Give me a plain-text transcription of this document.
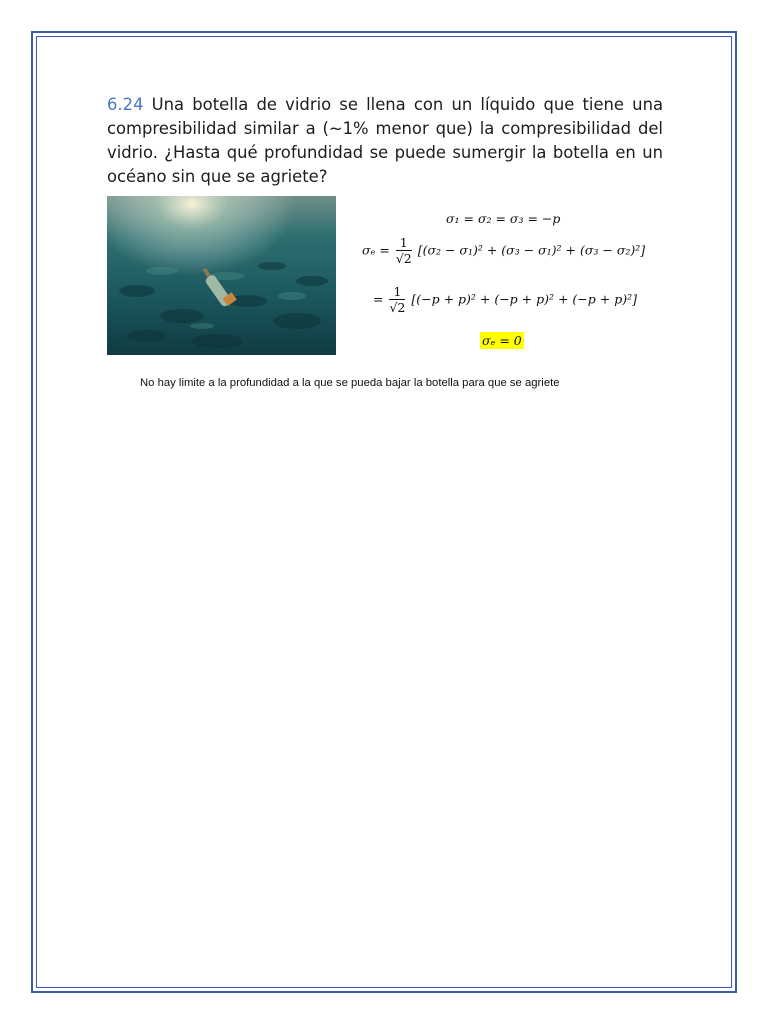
6.24 Una botella de vidrio se llena con un líquido que tiene una compresibilidad similar a (~1% menor que) la compresibilidad del vidrio. ¿Hasta qué profundidad se puede sumergir la botella en un océano sin que se agriete?

σ₁ = σ₂ = σ₃ = −p
$\sigma_e = \frac{1}{√2} [(\sigma_2 - \sigma_1)^2 + (\sigma_3 - \sigma_1)^2 + (\sigma_3 - \sigma_2)^2]$
= $\frac{1}{√2} [(-p + p)^2 + (-p + p)^2 + (-p + p)^2]$
σₑ = 0

No hay limite a la profundidad a la que se pueda bajar la botella para que se agriete
